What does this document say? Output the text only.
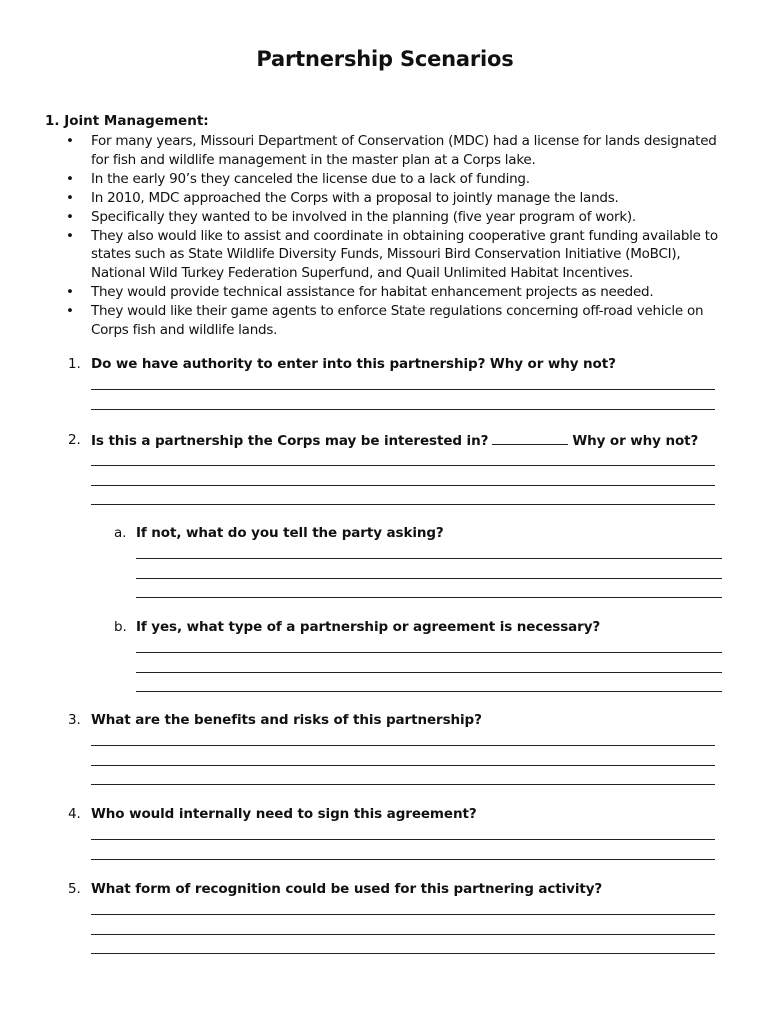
Partnership Scenarios
1. Joint Management:
• For many years, Missouri Department of Conservation (MDC) had a license for lands designated for fish and wildlife management in the master plan at a Corps lake.
• In the early 90’s they canceled the license due to a lack of funding.
• In 2010, MDC approached the Corps with a proposal to jointly manage the lands.
• Specifically they wanted to be involved in the planning (five year program of work).
• They also would like to assist and coordinate in obtaining cooperative grant funding available to states such as State Wildlife Diversity Funds, Missouri Bird Conservation Initiative (MoBCI), National Wild Turkey Federation Superfund, and Quail Unlimited Habitat Incentives.
• They would provide technical assistance for habitat enhancement projects as needed.
• They would like their game agents to enforce State regulations concerning off-road vehicle on Corps fish and wildlife lands.
1. Do we have authority to enter into this partnership? Why or why not?
2. Is this a partnership the Corps may be interested in?	Why or why not?
a. If not, what do you tell the party asking?
b. If yes, what type of a partnership or agreement is necessary?
3. What are the benefits and risks of this partnership?
4. Who would internally need to sign this agreement?
5. What form of recognition could be used for this partnering activity?
